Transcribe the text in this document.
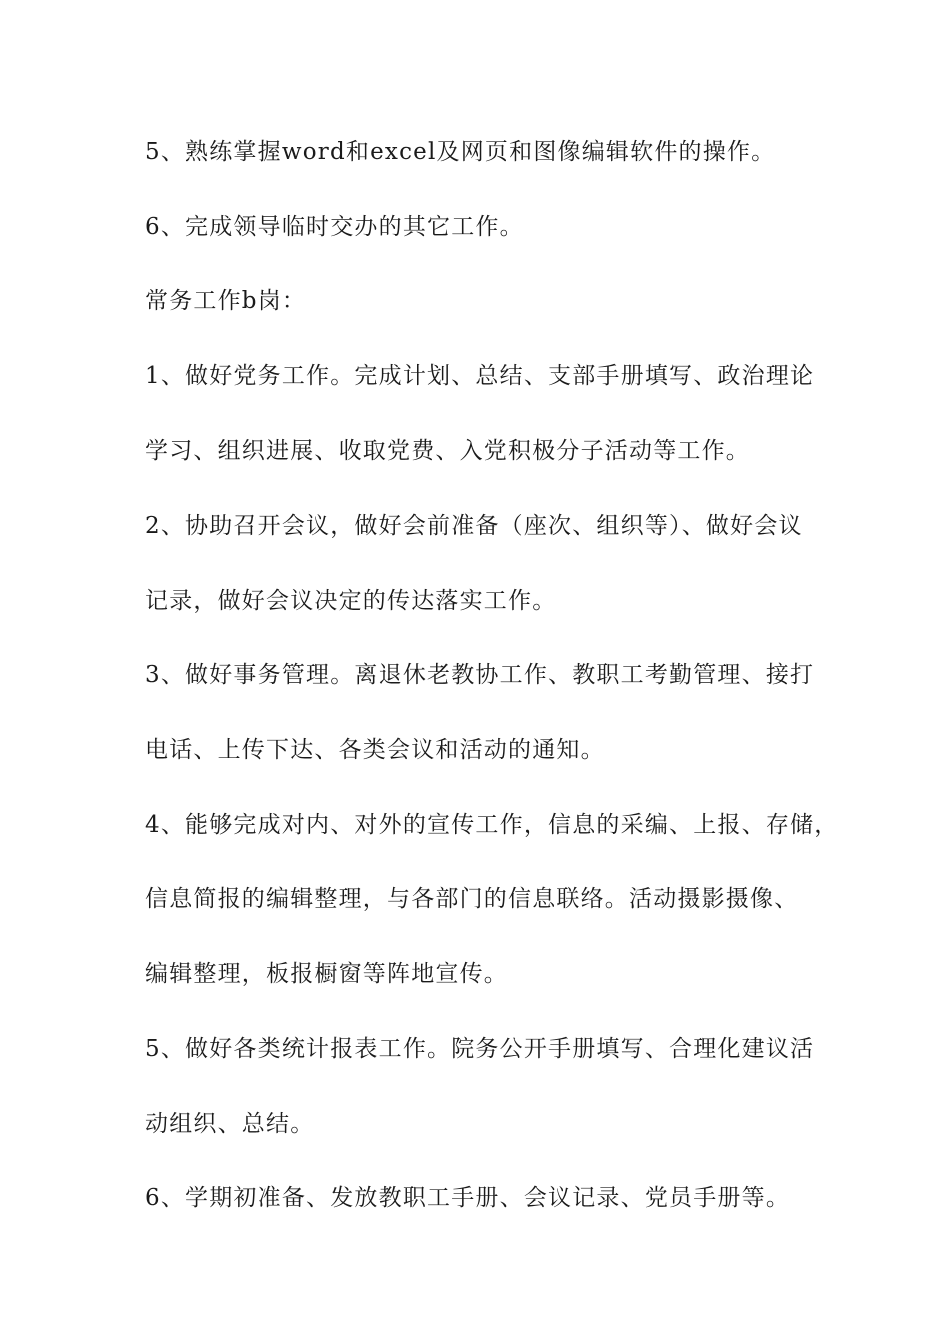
5、熟练掌握word和excel及网页和图像编辑软件的操作。
6、完成领导临时交办的其它工作。
常务工作b岗：
1、做好党务工作。完成计划、总结、支部手册填写、政治理论
学习、组织进展、收取党费、入党积极分子活动等工作。
2、协助召开会议，做好会前准备（座次、组织等）、做好会议
记录，做好会议决定的传达落实工作。
3、做好事务管理。离退休老教协工作、教职工考勤管理、接打
电话、上传下达、各类会议和活动的通知。
4、能够完成对内、对外的宣传工作，信息的采编、上报、存储，
信息简报的编辑整理，与各部门的信息联络。活动摄影摄像、
编辑整理，板报橱窗等阵地宣传。
5、做好各类统计报表工作。院务公开手册填写、合理化建议活
动组织、总结。
6、学期初准备、发放教职工手册、会议记录、党员手册等。
